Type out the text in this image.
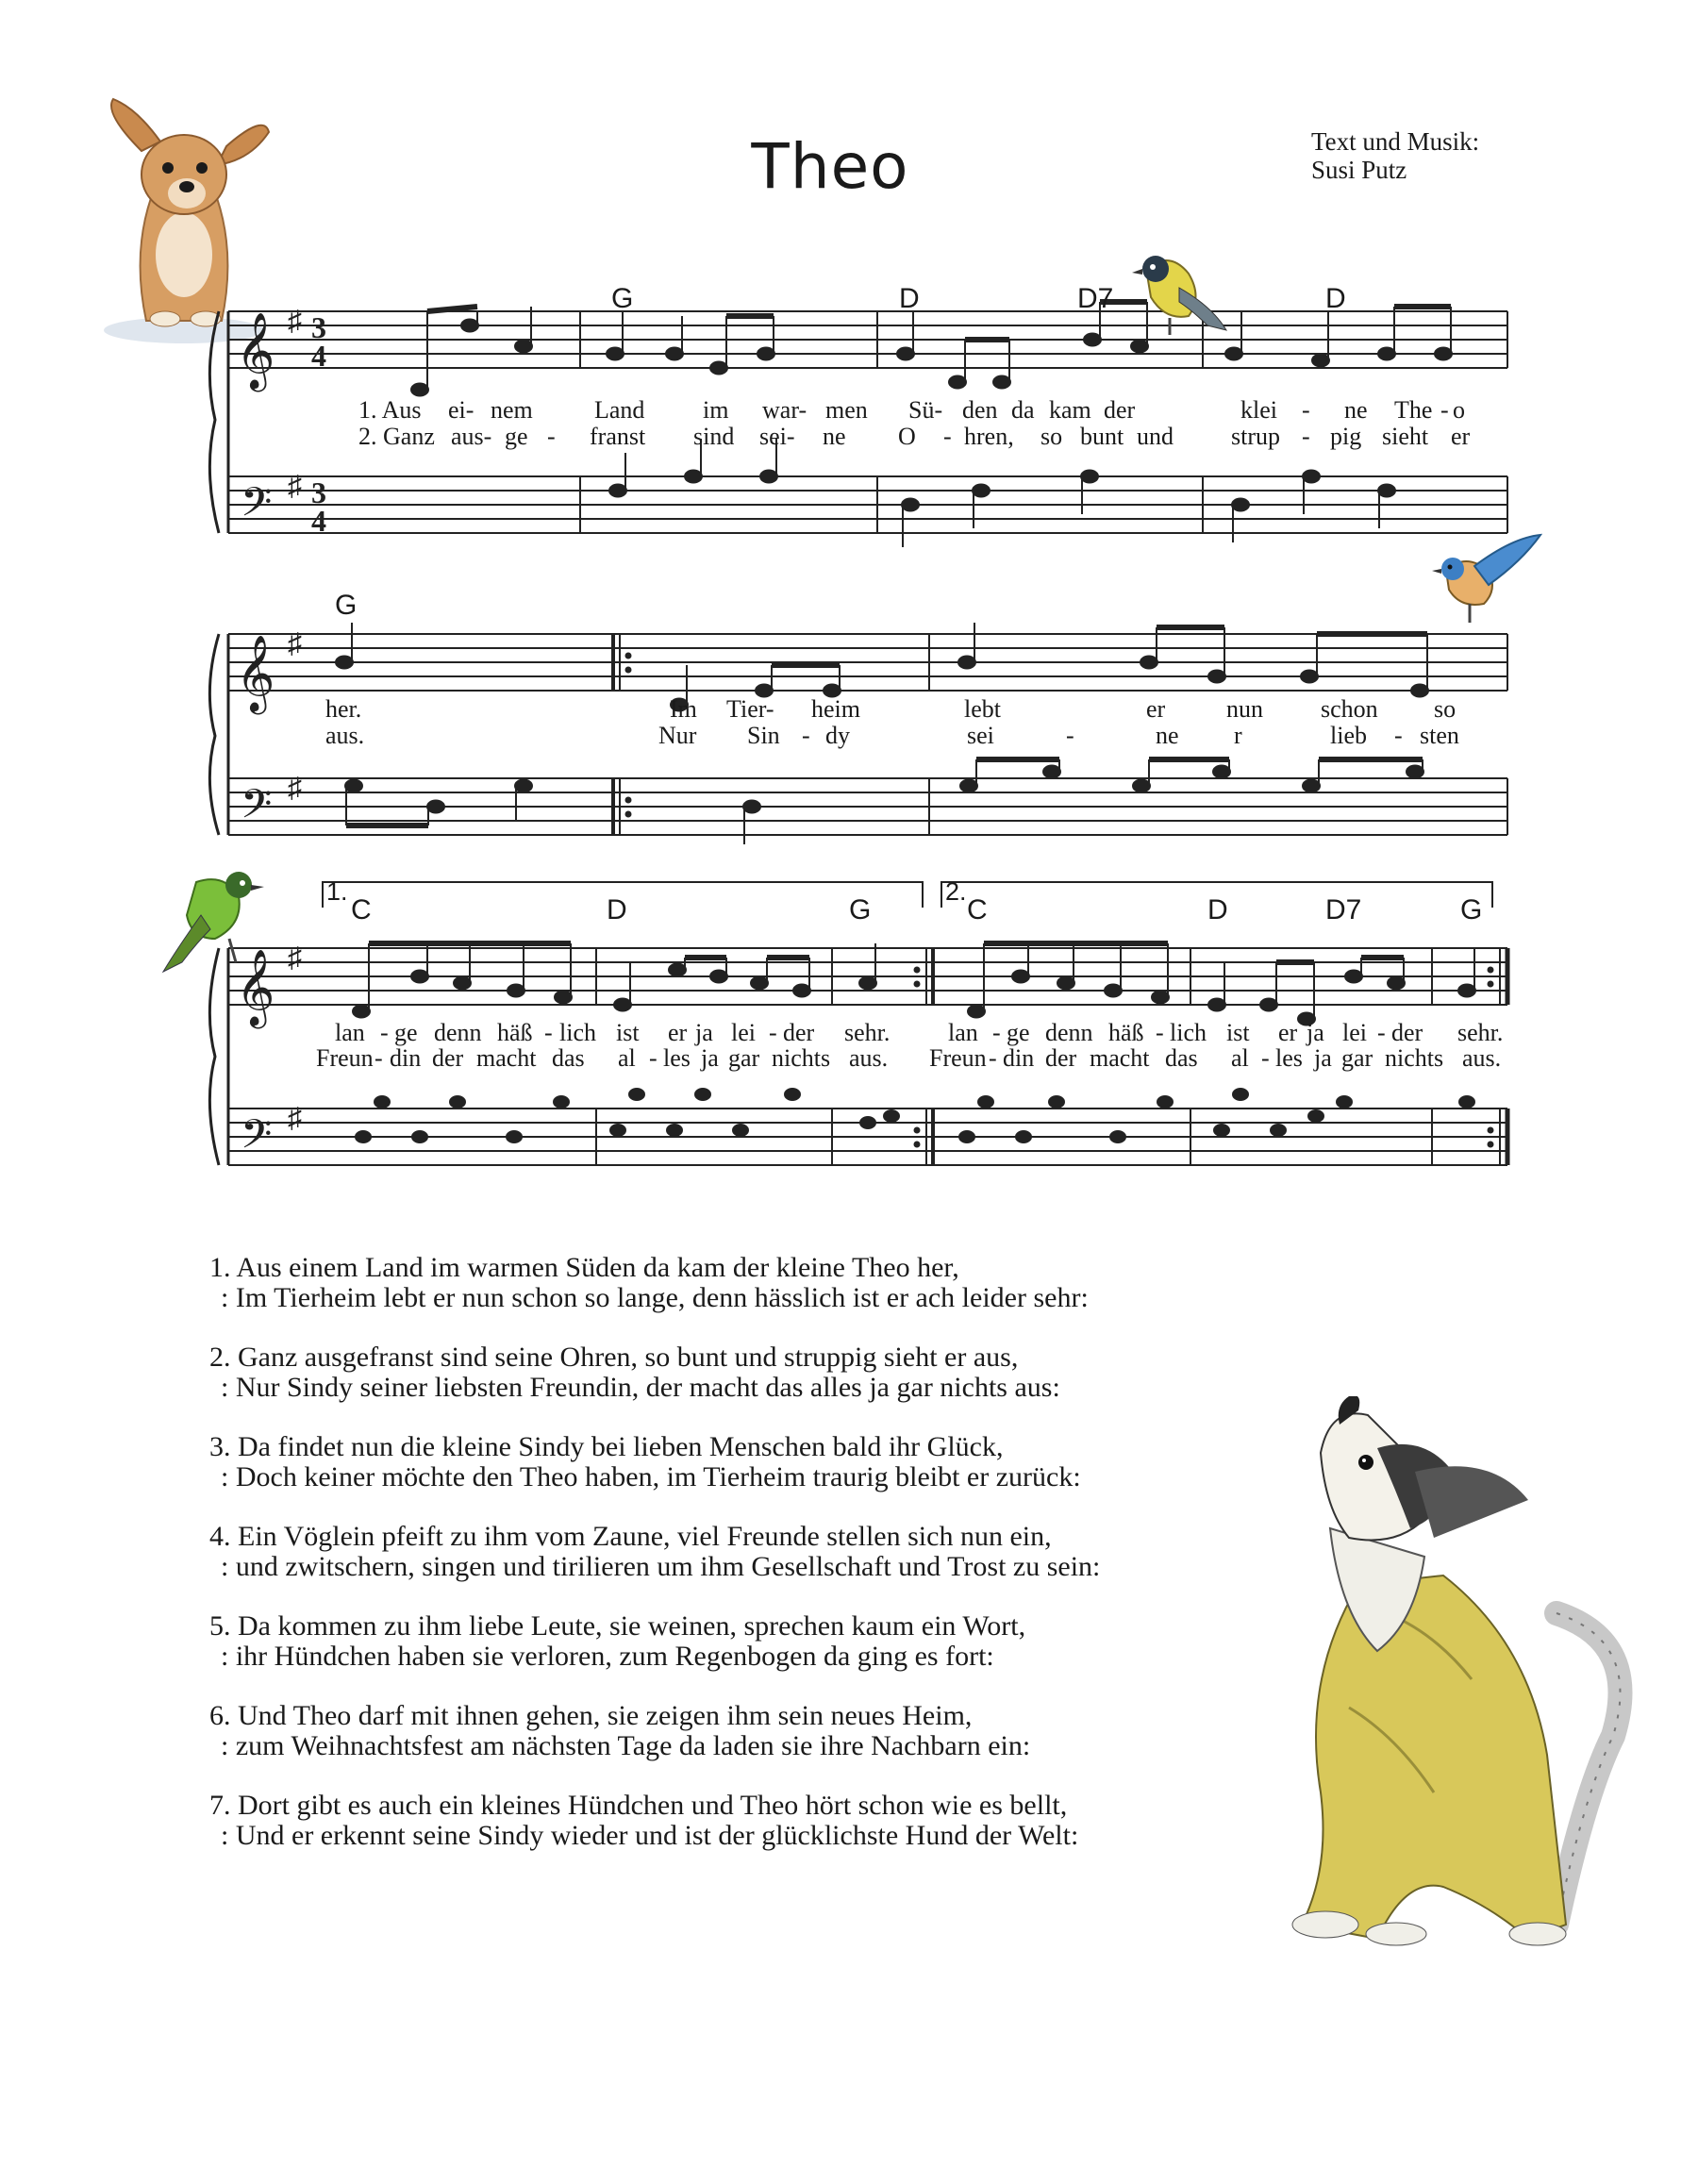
Theo	Text und Musik:
Susi Putz
𝄞
𝄢
𝄞
𝄢
𝄞
𝄢
♯
♯
♯
♯
♯
♯
3
4
3
4
G	D	D7	D
1. Aus ei- nem	Land im war- men Sü- den da kam der	klei - ne The - o
2. Ganz aus- ge - franst sind sei- ne O - hren, so bunt und strup - pig sieht er
G
her.	Im Tier- heim	lebt	er nun schon so
aus.	Nur Sin - dy	sei	-	ne r	lieb - sten
1.	2.
C	D	G	C	D	D7	G
lan - ge denn häß - lich ist er ja lei - der sehr. lan - ge denn häß - lich ist er ja lei - der sehr.
Freun - din der macht das al - les ja gar nichts aus. Freun - din der macht das al - les ja gar nichts aus.
1. Aus einem Land im warmen Süden da kam der kleine Theo her,
: Im Tierheim lebt er nun schon so lange, denn hässlich ist er ach leider sehr:
2. Ganz ausgefranst sind seine Ohren, so bunt und struppig sieht er aus,
: Nur Sindy seiner liebsten Freundin, der macht das alles ja gar nichts aus:
3. Da findet nun die kleine Sindy bei lieben Menschen bald ihr Glück,
: Doch keiner möchte den Theo haben, im Tierheim traurig bleibt er zurück:
4. Ein Vöglein pfeift zu ihm vom Zaune, viel Freunde stellen sich nun ein,
: und zwitschern, singen und tirilieren um ihm Gesellschaft und Trost zu sein:
5. Da kommen zu ihm liebe Leute, sie weinen, sprechen kaum ein Wort,
: ihr Hündchen haben sie verloren, zum Regenbogen da ging es fort:
6. Und Theo darf mit ihnen gehen, sie zeigen ihm sein neues Heim,
: zum Weihnachtsfest am nächsten Tage da laden sie ihre Nachbarn ein:
7. Dort gibt es auch ein kleines Hündchen und Theo hört schon wie es bellt,
: Und er erkennt seine Sindy wieder und ist der glücklichste Hund der Welt:
